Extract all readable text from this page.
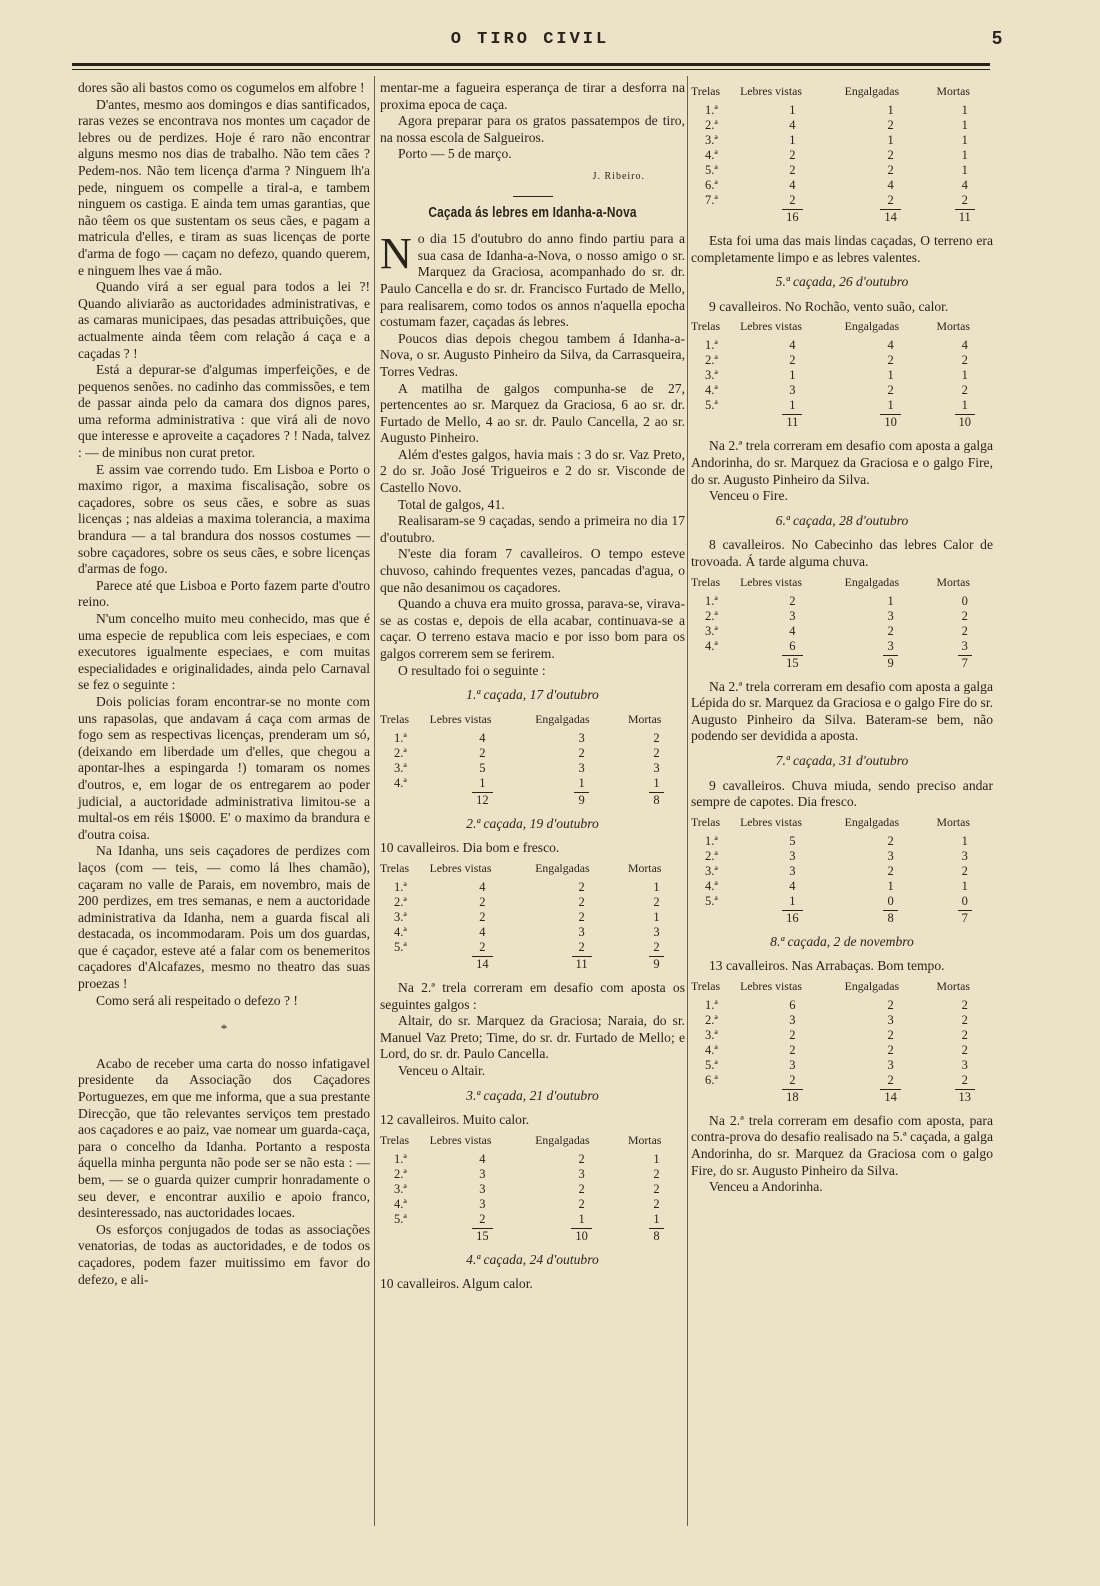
O TIRO CIVIL	5

dores são ali bastos como os cogumelos em alfobre !

D'antes, mesmo aos domingos e dias santificados, raras vezes se encontrava nos montes um caçador de lebres ou de perdizes. Hoje é raro não encontrar alguns mesmo nos dias de trabalho. Não tem cães ? Pedem-nos. Não tem licença d'arma ? Ninguem lh'a pede, ninguem os compelle a tiral-a, e tambem ninguem os castiga. E ainda tem umas garantias, que não têem os que sustentam os seus cães, e pagam a matricula d'elles, e tiram as suas licenças de porte d'arma de fogo — caçam no defezo, quando querem, e ninguem lhes vae á mão.

Quando virá a ser egual para todos a lei ?! Quando aliviarão as auctoridades administrativas, e as camaras municipaes, das pesadas attribuições, que actualmente ainda têem com relação á caça e a caçadas ? !

Está a depurar-se d'algumas imperfeições, e de pequenos senões. no cadinho das commissões, e tem de passar ainda pelo da camara dos dignos pares, uma reforma administrativa : que virá ali de novo que interesse e aproveite a caçadores ? ! Nada, talvez : — de minibus non curat pretor.

E assim vae correndo tudo. Em Lisboa e Porto o maximo rigor, a maxima fiscalisação, sobre os caçadores, sobre os seus cães, e sobre as suas licenças ; nas aldeias a maxima tolerancia, a maxima brandura — a tal brandura dos nossos costumes — sobre caçadores, sobre os seus cães, e sobre licenças d'armas de fogo.

Parece até que Lisboa e Porto fazem parte d'outro reino.

N'um concelho muito meu conhecido, mas que é uma especie de republica com leis especiaes, e com executores igualmente especiaes, e com muitas especialidades e originalidades, ainda pelo Carnaval se fez o seguinte :

Dois policias foram encontrar-se no monte com uns rapasolas, que andavam á caça com armas de fogo sem as respectivas licenças, prenderam um só, (deixando em liberdade um d'elles, que chegou a apontar-lhes a espingarda !) tomaram os nomes d'outros, e, em logar de os entregarem ao poder judicial, a auctoridade administrativa limitou-se a multal-os em réis 1$000. E' o maximo da brandura e d'outra coisa.

Na Idanha, uns seis caçadores de perdizes com laços (com — teis, — como lá lhes chamão), caçaram no valle de Parais, em novembro, mais de 200 perdizes, em tres semanas, e nem a auctoridade administrativa da Idanha, nem a guarda fiscal ali destacada, os incommodaram. Pois um dos guardas, que é caçador, esteve até a falar com os benemeritos caçadores d'Alcafazes, mesmo no theatro das suas proezas !

Como será ali respeitado o defezo ? !

*

Acabo de receber uma carta do nosso infatigavel presidente da Associação dos Caçadores Portuguezes, em que me informa, que a sua prestante Direcção, que tão relevantes serviços tem prestado aos caçadores e ao paiz, vae nomear um guarda-caça, para o concelho da Idanha. Portanto a resposta áquella minha pergunta não pode ser se não esta : — bem, — se o guarda quizer cumprir honradamente o seu dever, e encontrar auxilio e apoio franco, desinteressado, nas auctoridades locaes.

Os esforços conjugados de todas as associações venatorias, de todas as auctoridades, e de todos os caçadores, podem fazer muitissimo em favor do defezo, e ali-

mentar-me a fagueira esperança de tirar a desforra na proxima epoca de caça.

Agora preparar para os gratos passatempos de tiro, na nossa escola de Salgueiros.

Porto — 5 de março.

J. Ribeiro.
Caçada ás lebres em Idanha-a-Nova

No dia 15 d'outubro do anno findo partiu para a sua casa de Idanha-a-Nova, o nosso amigo o sr. Marquez da Graciosa, acompanhado do sr. dr. Paulo Cancella e do sr. dr. Francisco Furtado de Mello, para realisarem, como todos os annos n'aquella epocha costumam fazer, caçadas ás lebres.

Poucos dias depois chegou tambem á Idanha-a-Nova, o sr. Augusto Pinheiro da Silva, da Carrasqueira, Torres Vedras.

A matilha de galgos compunha-se de 27, pertencentes ao sr. Marquez da Graciosa, 6 ao sr. dr. Furtado de Mello, 4 ao sr. dr. Paulo Cancella, 2 ao sr. Augusto Pinheiro.

Além d'estes galgos, havia mais : 3 do sr. Vaz Preto, 2 do sr. João José Trigueiros e 2 do sr. Visconde de Castello Novo.

Total de galgos, 41.

Realisaram-se 9 caçadas, sendo a primeira no dia 17 d'outubro.

N'este dia foram 7 cavalleiros. O tempo esteve chuvoso, cahindo frequentes vezes, pancadas d'agua, o que não desanimou os caçadores.

Quando a chuva era muito grossa, parava-se, virava-se as costas e, depois de ella acabar, continuava-se a caçar. O terreno estava macio e por isso bom para os galgos correrem sem se ferirem.

O resultado foi o seguinte :

1.ª caçada, 17 d'outubro
Trelas	Lebres vistas	Engalgadas	Mortas
1.ª	4	3	2
2.ª	2	2	2
3.ª	5	3	3
4.ª	1	1	1
	12	9	8
2.ª caçada, 19 d'outubro

10 cavalleiros. Dia bom e fresco.

Trelas	Lebres vistas	Engalgadas	Mortas
1.ª	4	2	1
2.ª	2	2	2
3.ª	2	2	1
4.ª	4	3	3
5.ª	2	2	2
	14	11	9

Na 2.ª trela correram em desafio com aposta os seguintes galgos :

Altair, do sr. Marquez da Graciosa; Naraia, do sr. Manuel Vaz Preto; Time, do sr. dr. Furtado de Mello; e Lord, do sr. dr. Paulo Cancella.

Venceu o Altair.

3.ª caçada, 21 d'outubro

12 cavalleiros. Muito calor.

Trelas	Lebres vistas	Engalgadas	Mortas
1.ª	4	2	1
2.ª	3	3	2
3.ª	3	2	2
4.ª	3	2	2
5.ª	2	1	1
	15	10	8
4.ª caçada, 24 d'outubro

10 cavalleiros. Algum calor.

Trelas	Lebres vistas	Engalgadas	Mortas
1.ª	1	1	1
2.ª	4	2	1
3.ª	1	1	1
4.ª	2	2	1
5.ª	2	2	1
6.ª	4	4	4
7.ª	2	2	2
	16	14	11

Esta foi uma das mais lindas caçadas, O terreno era completamente limpo e as lebres valentes.

5.ª caçada, 26 d'outubro

9 cavalleiros. No Rochão, vento suão, calor.

Trelas	Lebres vistas	Engalgadas	Mortas
1.ª	4	4	4
2.ª	2	2	2
3.ª	1	1	1
4.ª	3	2	2
5.ª	1	1	1
	11	10	10

Na 2.ª trela correram em desafio com aposta a galga Andorinha, do sr. Marquez da Graciosa e o galgo Fire, do sr. Augusto Pinheiro da Silva.

Venceu o Fire.

6.ª caçada, 28 d'outubro

8 cavalleiros. No Cabecinho das lebres Calor de trovoada. Á tarde alguma chuva.

Trelas	Lebres vistas	Engalgadas	Mortas
1.ª	2	1	0
2.ª	3	3	2
3.ª	4	2	2
4.ª	6	3	3
	15	9	7

Na 2.ª trela correram em desafio com aposta a galga Lépida do sr. Marquez da Graciosa e o galgo Fire do sr. Augusto Pinheiro da Silva. Bateram-se bem, não podendo ser devidida a aposta.

7.ª caçada, 31 d'outubro

9 cavalleiros. Chuva miuda, sendo preciso andar sempre de capotes. Dia fresco.

Trelas	Lebres vistas	Engalgadas	Mortas
1.ª	5	2	1
2.ª	3	3	3
3.ª	3	2	2
4.ª	4	1	1
5.ª	1	0	0
	16	8	7
8.ª caçada, 2 de novembro

13 cavalleiros. Nas Arrabaças. Bom tempo.

Trelas	Lebres vistas	Engalgadas	Mortas
1.ª	6	2	2
2.ª	3	3	2
3.ª	2	2	2
4.ª	2	2	2
5.ª	3	3	3
6.ª	2	2	2
	18	14	13

Na 2.ª trela correram em desafio com aposta, para contra-prova do desafio realisado na 5.ª caçada, a galga Andorinha, do sr. Marquez da Graciosa com o galgo Fire, do sr. Augusto Pinheiro da Silva.

Venceu a Andorinha.
